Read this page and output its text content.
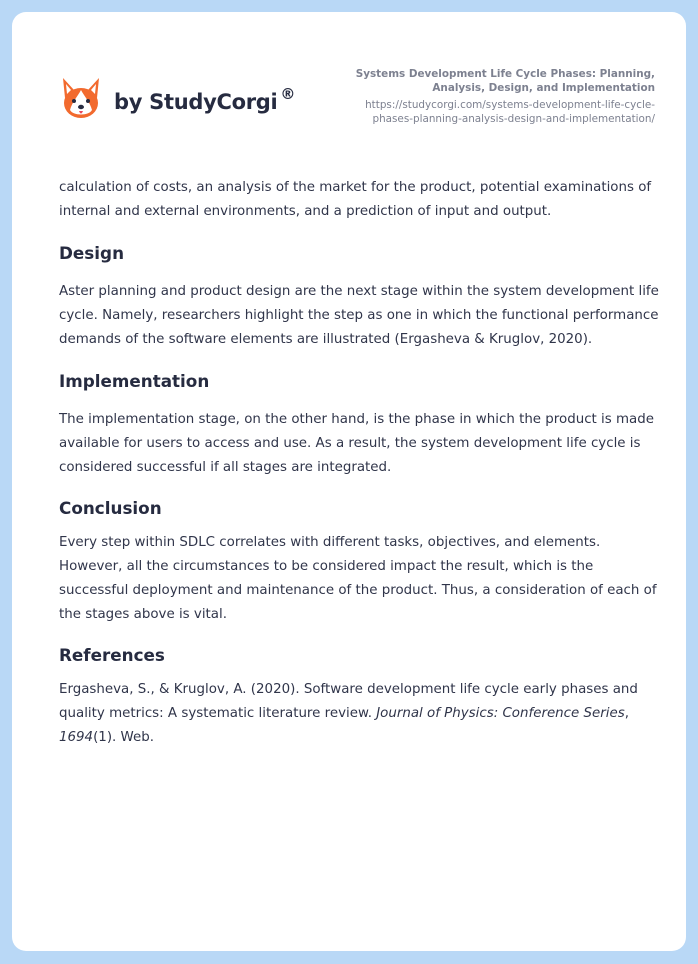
by StudyCorgi ®
Systems Development Life Cycle Phases: Planning, Analysis, Design, and Implementation
https://studycorgi.com/systems-development-life-cycle-phases-planning-analysis-design-and-implementation/

calculation of costs, an analysis of the market for the product, potential examinations of internal and external environments, and a prediction of input and output.

Design

Aster planning and product design are the next stage within the system development life cycle. Namely, researchers highlight the step as one in which the functional performance demands of the software elements are illustrated (Ergasheva & Kruglov, 2020).

Implementation

The implementation stage, on the other hand, is the phase in which the product is made available for users to access and use. As a result, the system development life cycle is considered successful if all stages are integrated.

Conclusion

Every step within SDLC correlates with different tasks, objectives, and elements. However, all the circumstances to be considered impact the result, which is the successful deployment and maintenance of the product. Thus, a consideration of each of the stages above is vital.

References

Ergasheva, S., & Kruglov, A. (2020). Software development life cycle early phases and quality metrics: A systematic literature review. Journal of Physics: Conference Series, 1694(1). Web.
